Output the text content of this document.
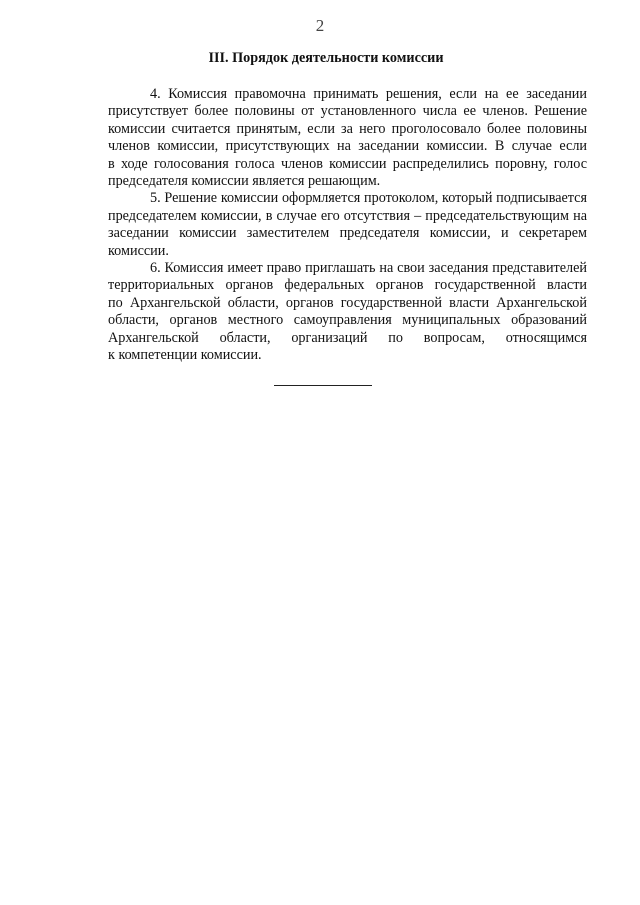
2
III. Порядок деятельности комиссии

4. Комиссия правомочна принимать решения, если на ее заседании
присутствует более половины от установленного числа ее членов. Решение
комиссии считается принятым, если за него проголосовало более половины
членов комиссии, присутствующих на заседании комиссии. В случае если
в ходе голосования голоса членов комиссии распределились поровну, голос
председателя комиссии является решающим.

5. Решение комиссии оформляется протоколом, который подписывается
председателем комиссии, в случае его отсутствия – председательствующим на
заседании комиссии заместителем председателя комиссии, и секретарем
комиссии.

6. Комиссия имеет право приглашать на свои заседания представителей
территориальных органов федеральных органов государственной власти
по Архангельской области, органов государственной власти Архангельской
области, органов местного самоуправления муниципальных образований
Архангельской области, организаций по вопросам, относящимся
к компетенции комиссии.
